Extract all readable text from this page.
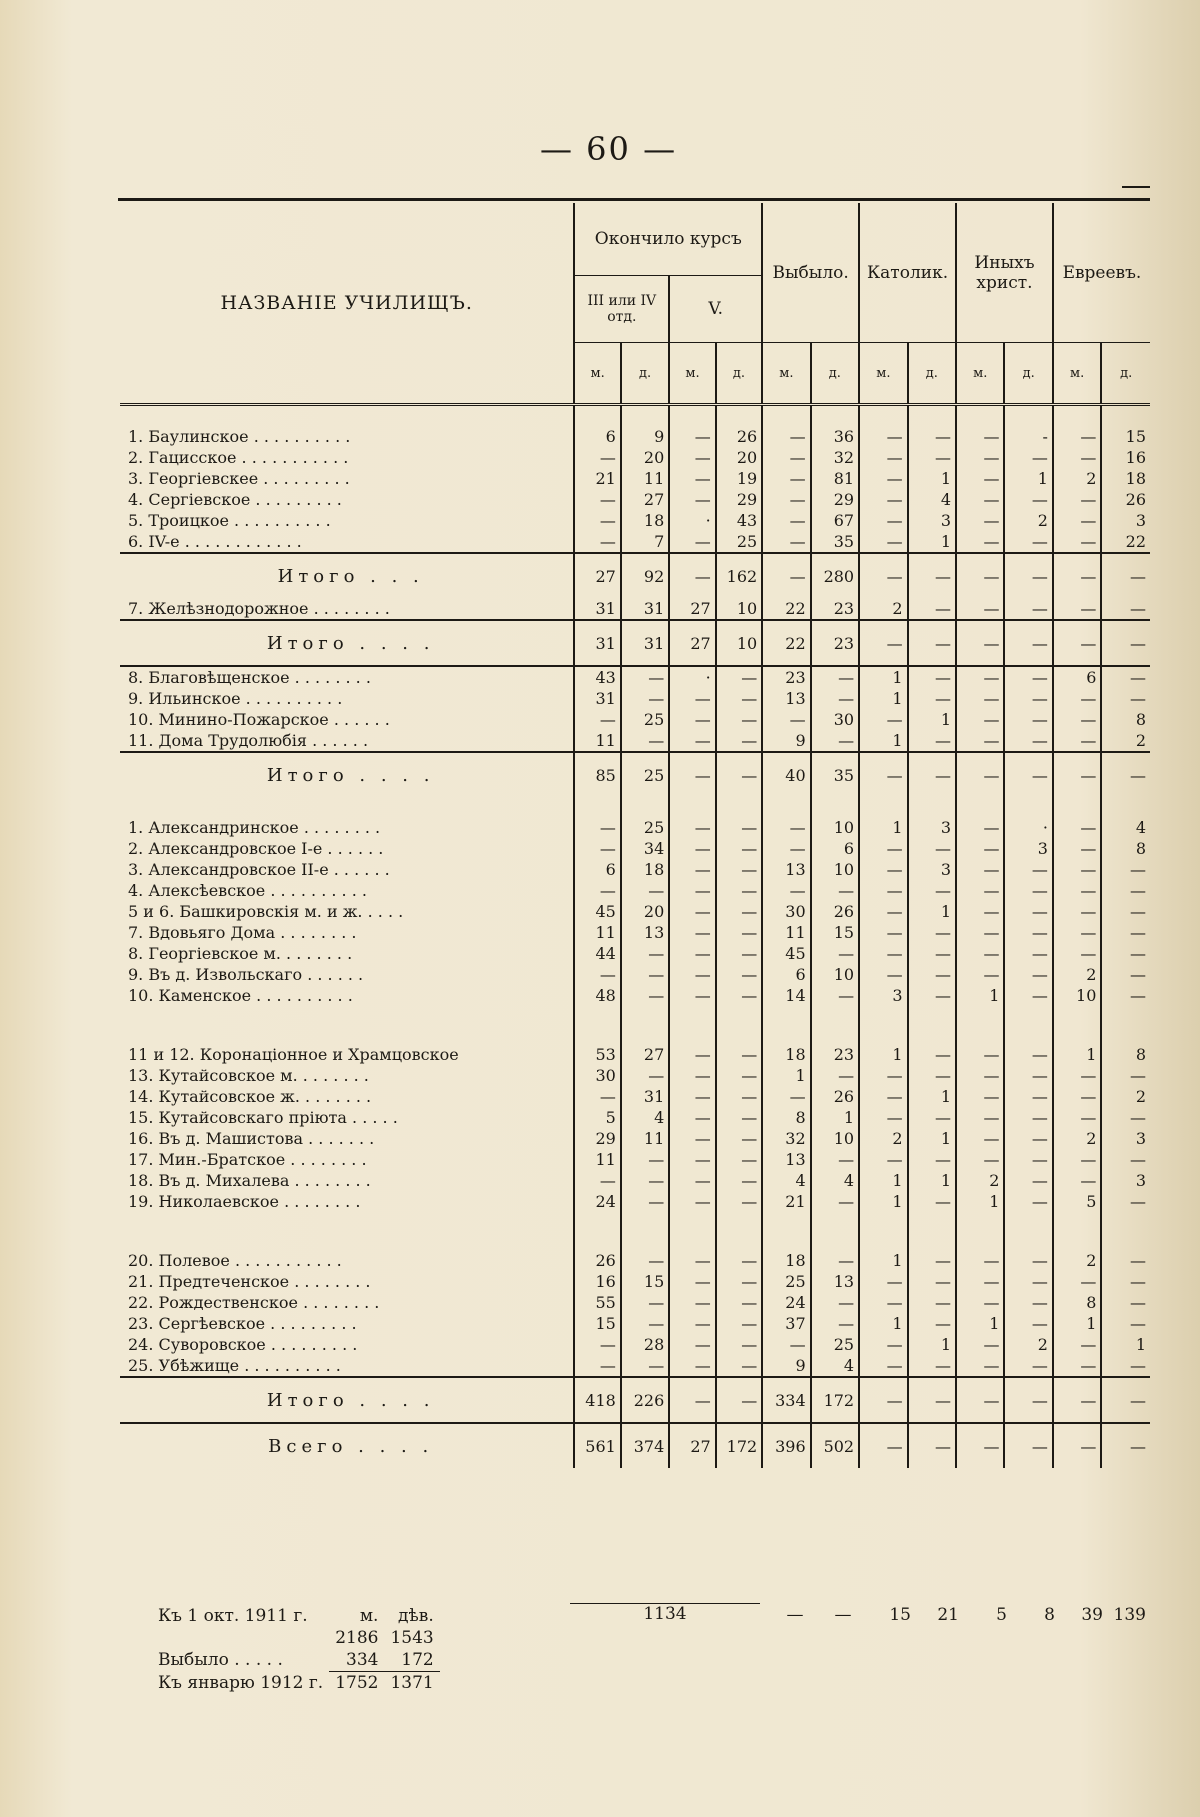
— 60 —
НАЗВАНІЕ УЧИЛИЩЪ.	Окончило курсъ				Выбыло.		Католик.		Иныхъ христ.		Евреевъ.	
	III или IV отд.		V.									
	м.	д.	м.	д.	м.	д.	м.	д.	м.	д.	м.	д.

1. Баулинское . . . . . . . . . .	6	9	—	26	—	36	—	—	—	-	—	15
2. Гацисское . . . . . . . . . . .	—	20	—	20	—	32	—	—	—	—	—	16
3. Георгіевскее . . . . . . . . .	21	11	—	19	—	81	—	1	—	1	2	18
4. Сергіевское . . . . . . . . .	—	27	—	29	—	29	—	4	—	—	—	26
5. Троицкое . . . . . . . . . .	—	18	·	43	—	67	—	3	—	2	—	3
6. IV-е . . . . . . . . . . . .	—	7	—	25	—	35	—	1	—	—	—	22
Итого . . .	27	92	—	162	—	280	—	—	—	—	—	—
7. Желѣзнодорожное . . . . . . . .	31	31	27	10	22	23	2	—	—	—	—	—
Итого . . . .	31	31	27	10	22	23	—	—	—	—	—	—
8. Благовѣщенское . . . . . . . .	43	—	·	—	23	—	1	—	—	—	6	—
9. Ильинское . . . . . . . . . .	31	—	—	—	13	—	1	—	—	—	—	—
10. Минино-Пожарское . . . . . .	—	25	—	—	—	30	—	1	—	—	—	8
11. Дома Трудолюбія . . . . . .	11	—	—	—	9	—	1	—	—	—	—	2
Итого . . . .	85	25	—	—	40	35	—	—	—	—	—	—

1. Александринское . . . . . . . .	—	25	—	—	—	10	1	3	—	·	—	4
2. Александровское I-е . . . . . .	—	34	—	—	—	6	—	—	—	3	—	8
3. Александровское II-е . . . . . .	6	18	—	—	13	10	—	3	—	—	—	—
4. Алексѣевское . . . . . . . . . .	—	—	—	—	—	—	—	—	—	—	—	—
5 и 6. Башкировскія м. и ж. . . . .	45	20	—	—	30	26	—	1	—	—	—	—
7. Вдовьяго Дома . . . . . . . .	11	13	—	—	11	15	—	—	—	—	—	—
8. Георгіевское м. . . . . . . .	44	—	—	—	45	—	—	—	—	—	—	—
9. Въ д. Извольскаго . . . . . .	—	—	—	—	6	10	—	—	—	—	2	—
10. Каменское . . . . . . . . . .	48	—	—	—	14	—	3	—	1	—	10	—

11 и 12. Коронаціонное и Храмцовское	53	27	—	—	18	23	1	—	—	—	1	8
13. Кутайсовское м. . . . . . . .	30	—	—	—	1	—	—	—	—	—	—	—
14. Кутайсовское ж. . . . . . . .	—	31	—	—	—	26	—	1	—	—	—	2
15. Кутайсовскаго пріюта . . . . .	5	4	—	—	8	1	—	—	—	—	—	—
16. Въ д. Машистова . . . . . . .	29	11	—	—	32	10	2	1	—	—	2	3
17. Мин.-Братское . . . . . . . .	11	—	—	—	13	—	—	—	—	—	—	—
18. Въ д. Михалева . . . . . . . .	—	—	—	—	4	4	1	1	2	—	—	3
19. Николаевское . . . . . . . .	24	—	—	—	21	—	1	—	1	—	5	—

20. Полевое . . . . . . . . . . .	26	—	—	—	18	—	1	—	—	—	2	—
21. Предтеченское . . . . . . . .	16	15	—	—	25	13	—	—	—	—	—	—
22. Рождественское . . . . . . . .	55	—	—	—	24	—	—	—	—	—	8	—
23. Сергѣевское . . . . . . . . .	15	—	—	—	37	—	1	—	1	—	1	—
24. Суворовское . . . . . . . . .	—	28	—	—	—	25	—	1	—	2	—	1
25. Убѣжище . . . . . . . . . .	—	—	—	—	9	4	—	—	—	—	—	—
Итого . . . .	418	226	—	—	334	172	—	—	—	—	—	—
Всего . . . .	561	374	27	172	396	502	—	—	—	—	—	—
Къ 1 окт. 1911 г.	м.	дѣв.
	2186	1543
Выбыло . . . . .	334	172
Къ январю 1912 г.	1752	1371
1134	—	—	15	21	5	8	39 139
